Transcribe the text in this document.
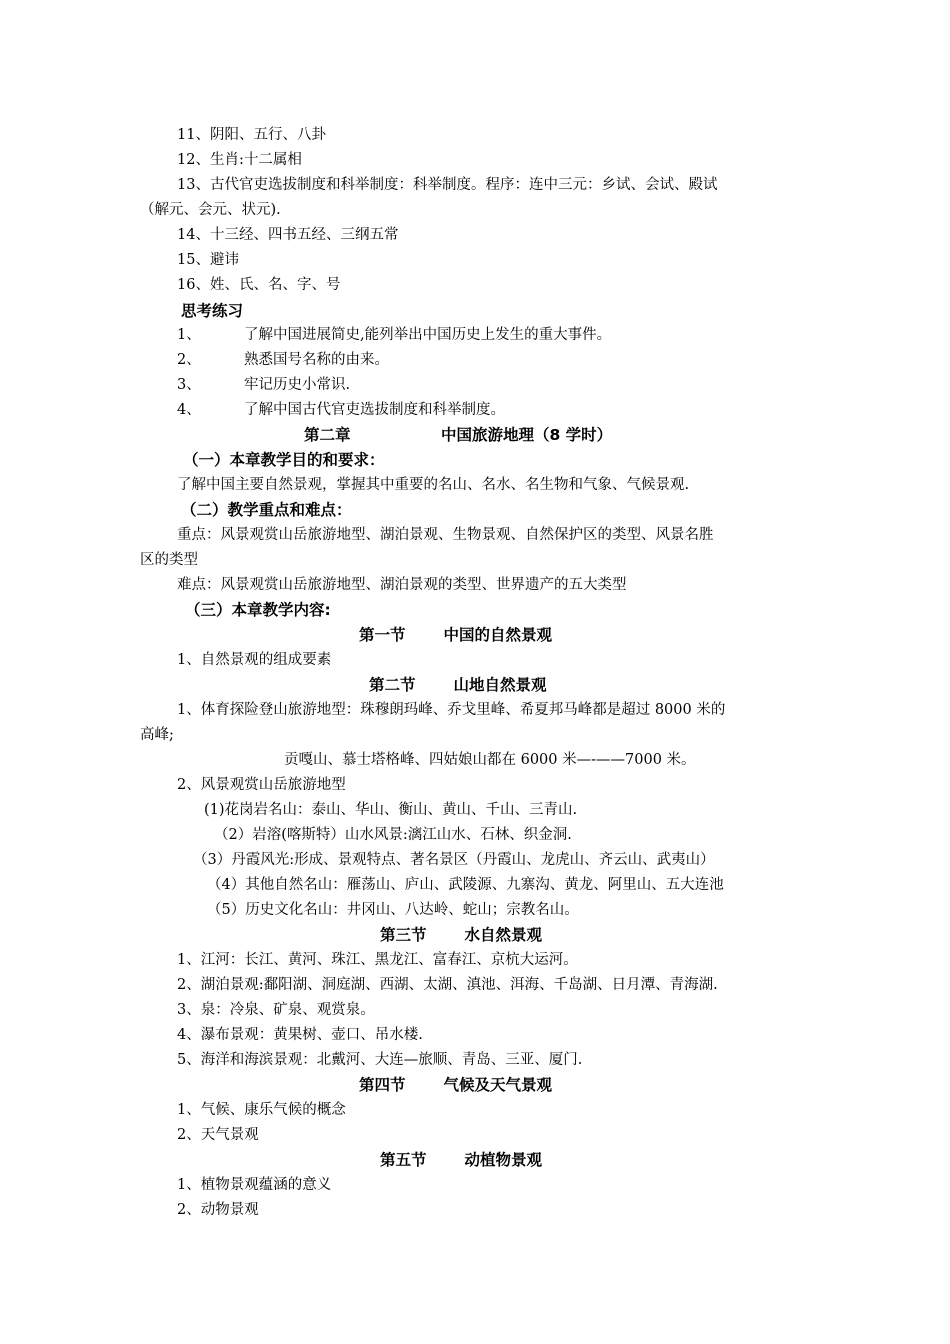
11、阴阳、五行、八卦
12、生肖:十二属相
13、古代官吏选拔制度和科举制度：科举制度。程序：连中三元：乡试、会试、殿试
（解元、会元、状元).
14、十三经、四书五经、三纲五常
15、避讳
16、姓、氏、名、字、号
思考练习
1、	了解中国进展简史,能列举出中国历史上发生的重大事件。
2、	熟悉国号名称的由来。
3、	牢记历史小常识.
4、	了解中国古代官吏选拔制度和科举制度。
第二章	中国旅游地理（8 学时）
（一）本章教学目的和要求：
了解中国主要自然景观，掌握其中重要的名山、名水、名生物和气象、气候景观.
（二）教学重点和难点：
重点：风景观赏山岳旅游地型、湖泊景观、生物景观、自然保护区的类型、风景名胜
区的类型
难点：风景观赏山岳旅游地型、湖泊景观的类型、世界遗产的五大类型
（三）本章教学内容:
第一节 中国的自然景观
1、自然景观的组成要素
第二节 山地自然景观
1、体育探险登山旅游地型：珠穆朗玛峰、乔戈里峰、希夏邦马峰都是超过 8000 米的
高峰;
贡嘎山、慕士塔格峰、四姑娘山都在 6000 米—-——7000 米。
2、风景观赏山岳旅游地型
(1)花岗岩名山：泰山、华山、衡山、黄山、千山、三青山.
（2）岩溶(喀斯特）山水风景:漓江山水、石林、织金洞.
（3）丹霞风光:形成、景观特点、著名景区（丹霞山、龙虎山、齐云山、武夷山）
（4）其他自然名山：雁荡山、庐山、武陵源、九寨沟、黄龙、阿里山、五大连池
（5）历史文化名山：井冈山、八达岭、蛇山；宗教名山。
第三节 水自然景观
1、江河：长江、黄河、珠江、黑龙江、富春江、京杭大运河。
2、湖泊景观:鄱阳湖、洞庭湖、西湖、太湖、滇池、洱海、千岛湖、日月潭、青海湖.
3、泉：冷泉、矿泉、观赏泉。
4、瀑布景观：黄果树、壶口、吊水楼.
5、海洋和海滨景观：北戴河、大连—旅顺、青岛、三亚、厦门.
第四节 气候及天气景观
1、气候、康乐气候的概念
2、天气景观
第五节 动植物景观
1、植物景观蕴涵的意义
2、动物景观
